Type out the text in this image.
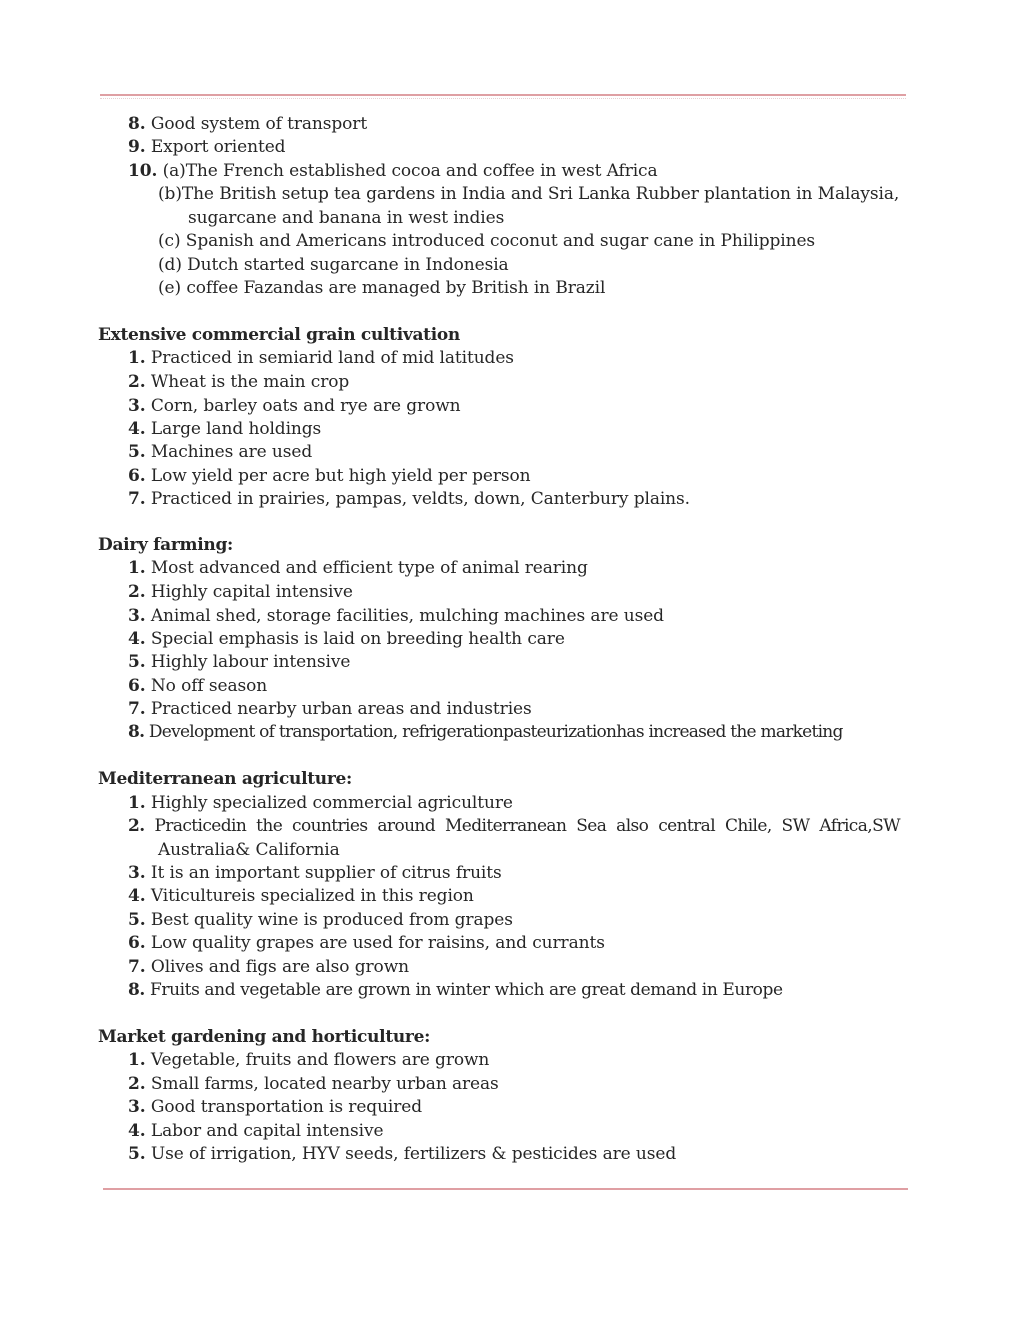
8. Good system of transport
9. Export oriented
10. (a)The French established cocoa and coffee in west Africa
(b)The British setup tea gardens in India and Sri Lanka Rubber plantation in Malaysia,
sugarcane and banana in west indies
(c) Spanish and Americans introduced coconut and sugar cane in Philippines
(d) Dutch started sugarcane in Indonesia
(e) coffee Fazandas are managed by British in Brazil
Extensive commercial grain cultivation
1. Practiced in semiarid land of mid latitudes
2. Wheat is the main crop
3. Corn, barley oats and rye are grown
4. Large land holdings
5. Machines are used
6. Low yield per acre but high yield per person
7. Practiced in prairies, pampas, veldts, down, Canterbury plains.
Dairy farming:
1. Most advanced and efficient type of animal rearing
2. Highly capital intensive
3. Animal shed, storage facilities, mulching machines are used
4. Special emphasis is laid on breeding health care
5. Highly labour intensive
6. No off season
7. Practiced nearby urban areas and industries
8. Development of transportation, refrigerationpasteurizationhas increased the marketing
Mediterranean agriculture:
1. Highly specialized commercial agriculture
2. Practicedin the countries around Mediterranean Sea also central Chile, SW Africa,SW
Australia& California
3. It is an important supplier of citrus fruits
4. Viticultureis specialized in this region
5. Best quality wine is produced from grapes
6. Low quality grapes are used for raisins, and currants
7. Olives and figs are also grown
8. Fruits and vegetable are grown in winter which are great demand in Europe
Market gardening and horticulture:
1. Vegetable, fruits and flowers are grown
2. Small farms, located nearby urban areas
3. Good transportation is required
4. Labor and capital intensive
5. Use of irrigation, HYV seeds, fertilizers & pesticides are used
